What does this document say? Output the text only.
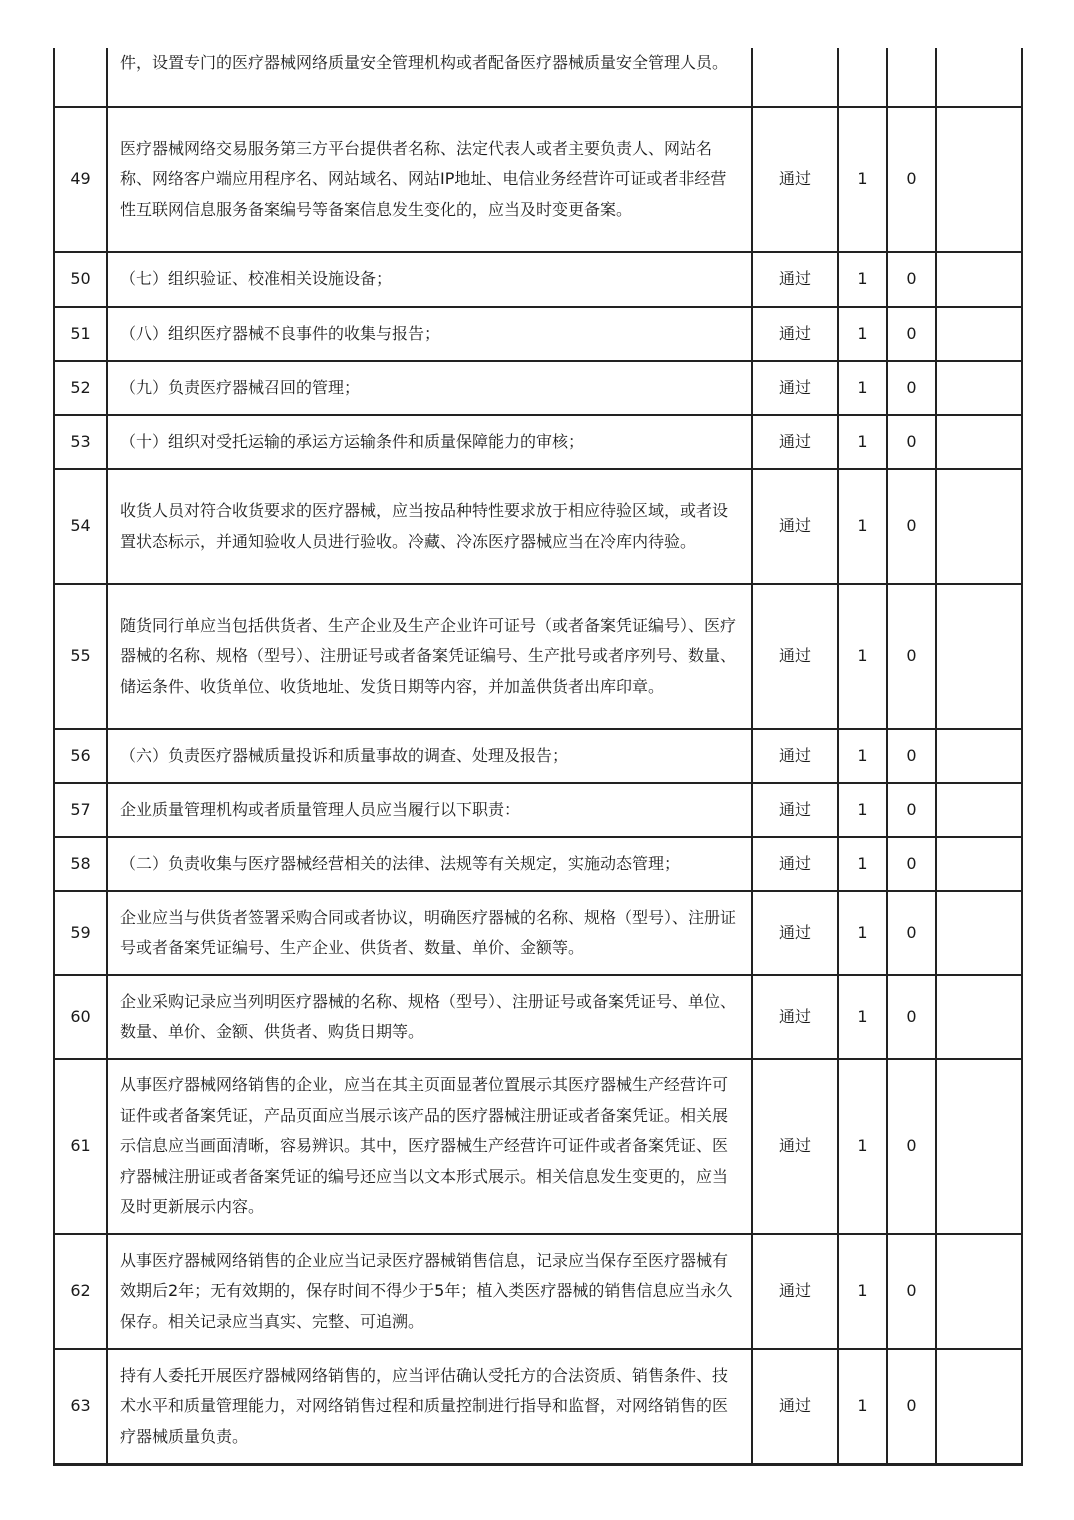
	件，设置专门的医疗器械网络质量安全管理机构或者配备医疗器械质量安全管理人员。				

49	医疗器械网络交易服务第三方平台提供者名称、法定代表人或者主要负责人、网站名称、网络客户端应用程序名、网站域名、网站IP地址、电信业务经营许可证或者非经营性互联网信息服务备案编号等备案信息发生变化的，应当及时变更备案。	通过	1	0	

50	（七）组织验证、校准相关设施设备；	通过	1	0	

51	（八）组织医疗器械不良事件的收集与报告；	通过	1	0	

52	（九）负责医疗器械召回的管理；	通过	1	0	

53	（十）组织对受托运输的承运方运输条件和质量保障能力的审核；	通过	1	0	

54	收货人员对符合收货要求的医疗器械，应当按品种特性要求放于相应待验区域，或者设置状态标示，并通知验收人员进行验收。冷藏、冷冻医疗器械应当在冷库内待验。	通过	1	0	

55	随货同行单应当包括供货者、生产企业及生产企业许可证号（或者备案凭证编号）、医疗器械的名称、规格（型号）、注册证号或者备案凭证编号、生产批号或者序列号、数量、储运条件、收货单位、收货地址、发货日期等内容，并加盖供货者出库印章。	通过	1	0	

56	（六）负责医疗器械质量投诉和质量事故的调查、处理及报告；	通过	1	0	

57	企业质量管理机构或者质量管理人员应当履行以下职责：	通过	1	0	

58	（二）负责收集与医疗器械经营相关的法律、法规等有关规定，实施动态管理；	通过	1	0	

59	企业应当与供货者签署采购合同或者协议，明确医疗器械的名称、规格（型号）、注册证号或者备案凭证编号、生产企业、供货者、数量、单价、金额等。	通过	1	0	

60	企业采购记录应当列明医疗器械的名称、规格（型号）、注册证号或备案凭证号、单位、数量、单价、金额、供货者、购货日期等。	通过	1	0	

61	从事医疗器械网络销售的企业，应当在其主页面显著位置展示其医疗器械生产经营许可证件或者备案凭证，产品页面应当展示该产品的医疗器械注册证或者备案凭证。相关展示信息应当画面清晰，容易辨识。其中，医疗器械生产经营许可证件或者备案凭证、医疗器械注册证或者备案凭证的编号还应当以文本形式展示。相关信息发生变更的，应当及时更新展示内容。	通过	1	0	

62	从事医疗器械网络销售的企业应当记录医疗器械销售信息，记录应当保存至医疗器械有效期后2年；无有效期的，保存时间不得少于5年；植入类医疗器械的销售信息应当永久保存。相关记录应当真实、完整、可追溯。	通过	1	0	

63	持有人委托开展医疗器械网络销售的，应当评估确认受托方的合法资质、销售条件、技术水平和质量管理能力，对网络销售过程和质量控制进行指导和监督，对网络销售的医疗器械质量负责。	通过	1	0	
